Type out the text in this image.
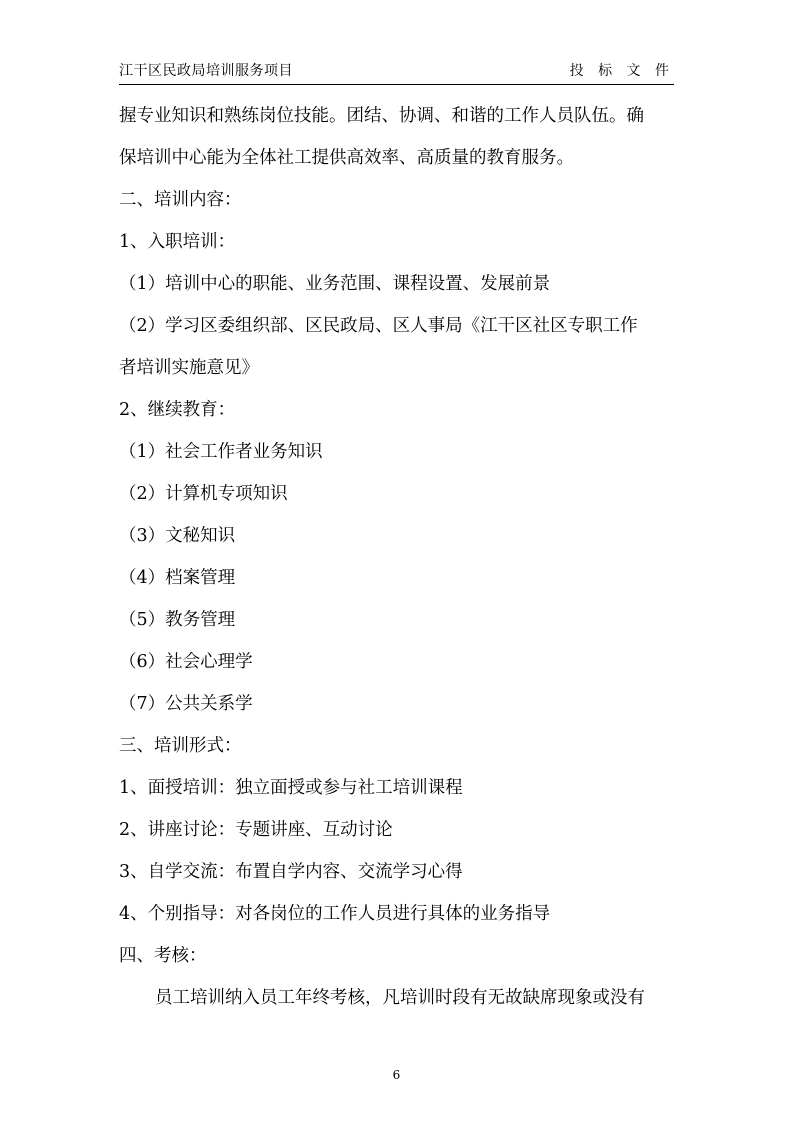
江干区民政局培训服务项目	投 标 文 件
握专业知识和熟练岗位技能。团结、协调、和谐的工作人员队伍。确
保培训中心能为全体社工提供高效率、高质量的教育服务。
二、培训内容：
1、入职培训：
（1）培训中心的职能、业务范围、课程设置、发展前景
（2）学习区委组织部、区民政局、区人事局《江干区社区专职工作
者培训实施意见》
2、继续教育：
（1）社会工作者业务知识
（2）计算机专项知识
（3）文秘知识
（4）档案管理
（5）教务管理
（6）社会心理学
（7）公共关系学
三、培训形式：
1、面授培训：独立面授或参与社工培训课程
2、讲座讨论：专题讲座、互动讨论
3、自学交流：布置自学内容、交流学习心得
4、个别指导：对各岗位的工作人员进行具体的业务指导
四、考核：
员工培训纳入员工年终考核，凡培训时段有无故缺席现象或没有
6
